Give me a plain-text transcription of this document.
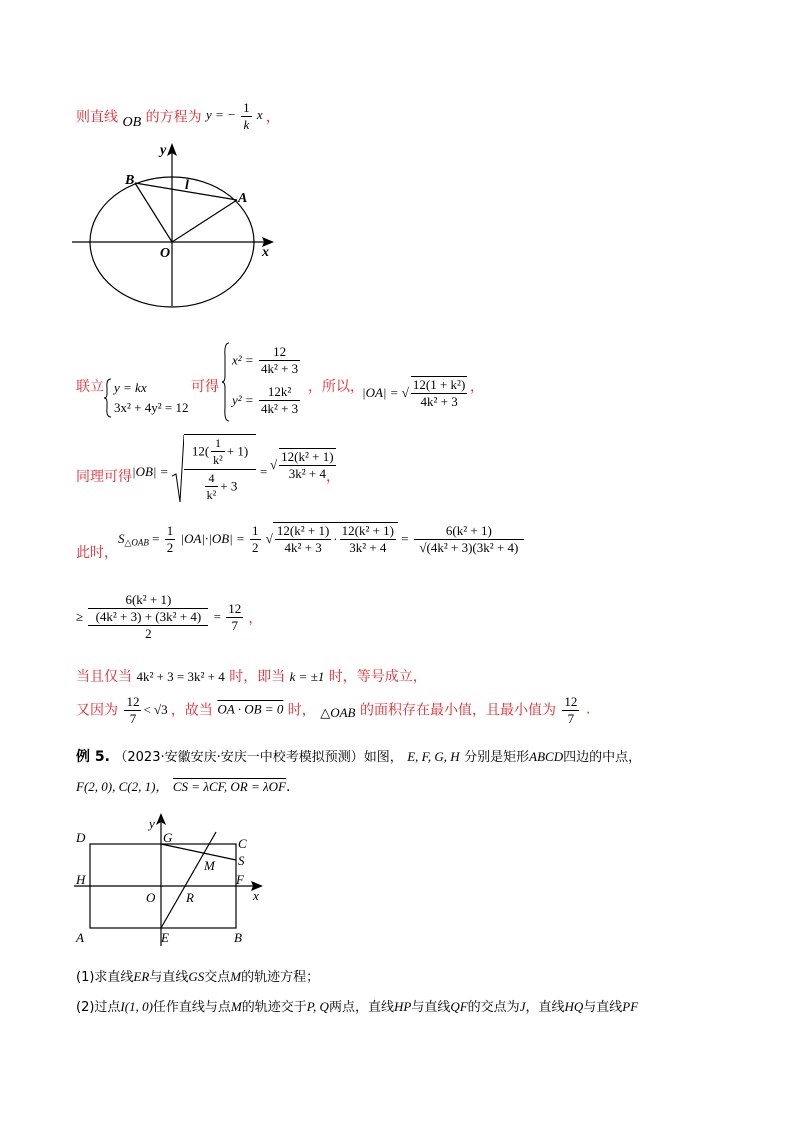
则直线 OB 的方程为 y = − $\frac{1}{k}$ x ，
O	x
y
A
B	l
联立 y = kx
3x² + 4y² = 12
可得
$x^2 = \frac{12}{\text{4k² + 3}}$
$y^2 = \frac{\text{12k²}}{\text{4k² + 3}}$ ，所以，
|OA| = √ $\frac{\text{12(1 + k²)}}{\text{4k² + 3}}$ ，
同理可得 |OB| =
$12( \frac{1}{\text{k²}} + 1)$
$\frac{4}{\text{k²}} + 3$
= √ $\frac{\text{12(k² + 1)}}{\text{3k² + 4}}$
，
此时，
$S_{\triangle OAB} = \frac{1}{2} |OA|\cdot|OB| = \frac{1}{2}$ √ $\frac{\text{12(k² + 1)}}{\text{4k² + 3}} \cdot \frac{\text{12(k² + 1)}}{\text{3k² + 4}} = \frac{\text{6(k² + 1)}}{\text{√(4k² + 3)(3k² + 4)}}$
≥
6(k² + 1)
(4k² + 3) + (3k² + 4)
2
= $\frac{12}{7}$ ，
当且仅当 4k² + 3 = 3k² + 4 时，即当 k = ±1 时，等号成立，
又因为 $\frac{12}{7} < √3$ ，故当 OA · OB = 0 时， △OAB 的面积存在最小值，且最小值为 $\frac{12}{7}$ .
例 5. （2023·安徽安庆·安庆一中校考模拟预测）如图， E, F, G, H 分别是矩形ABCD四边的中点，
F(2, 0), C(2, 1)， CS = λCF, OR = λOF.
D	C
G
y
S
M
H	F
x
O R
A	E	B
(1)求直线ER与直线GS交点M的轨迹方程；
(2)过点I(1, 0)任作直线与点M的轨迹交于P, Q两点，直线HP与直线QF的交点为J，直线HQ与直线PF
